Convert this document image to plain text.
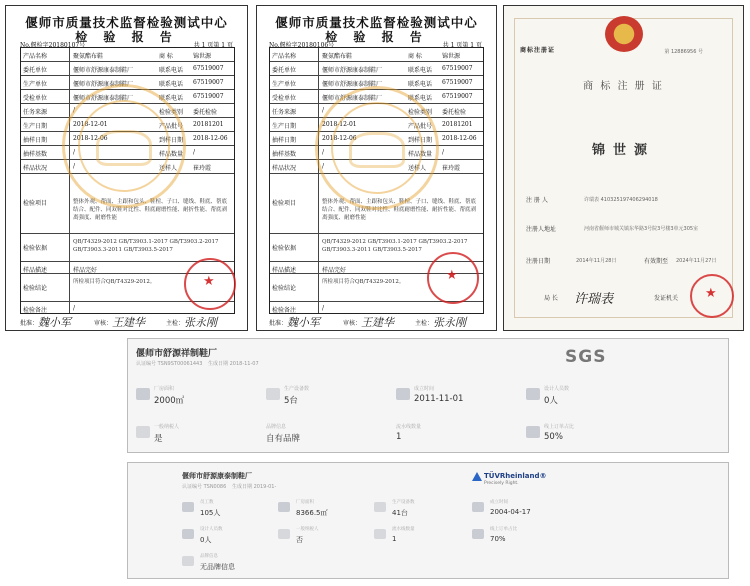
偃师市质量技术监督检验测试中心
检 验 报 告
No.偃检字20180107号	共 1 页第 1 页
产品名称	聚氨酯布鞋	商 标	锦世源
委托单位	偃师市舒源康泰制鞋厂	联系电话 67519007
生产单位	偃师市舒源康泰制鞋厂	联系电话 67519007
受检单位	偃师市舒源康泰制鞋厂	联系电话 67519007
任务来源	/	检验类别 委托检验
生产日期	2018-12-01	产品批号 20181201
抽样日期	2018-12-06	到样日期 2018-12-06
抽样基数	/	样品数量 /
样品状况	/	送样人	崔玲霞
检验项目	整体外观、帮面、主跟和包头、鞋楦、子口、缝线、鞋底、帮底结合、配件、同双鞋对比性、鞋底耐磨性能、耐折性能、帮底剥离强度、耐磨性能
检验依据
QB/T4329-2012 GB/T3903.1-2017 GB/T3903.2-2017 GB/T3903.3-2011 GB/T3903.5-2017
样品描述	样品完好
检验结论
所检项目符合QB/T4329-2012。
检验备注	/
★
批准： 魏小军	审核： 王建华	主检： 张永刚
偃师市质量技术监督检验测试中心
检 验 报 告
No.偃检字20180106号	共 1 页第 1 页
产品名称	聚氨酯布鞋	商 标	锦世源
委托单位	偃师市舒源康泰制鞋厂	联系电话 67519007
生产单位	偃师市舒源康泰制鞋厂	联系电话 67519007
受检单位	偃师市舒源康泰制鞋厂	联系电话 67519007
任务来源	/	检验类别 委托检验
生产日期	2018-12-01	产品批号 20181201
抽样日期	2018-12-06	到样日期 2018-12-06
抽样基数	/	样品数量 /
样品状况	/	送样人	崔玲霞
检验项目	整体外观、帮面、主跟和包头、鞋楦、子口、缝线、鞋底、帮底结合、配件、同双鞋对比性、鞋底耐磨性能、耐折性能、帮底剥离强度、耐磨性能
检验依据
QB/T4329-2012 GB/T3903.1-2017 GB/T3903.2-2017 GB/T3903.3-2011 GB/T3903.5-2017
样品描述	样品完好
检验结论
所检项目符合QB/T4329-2012。
检验备注	/
★
批准： 魏小军	审核： 王建华	主检： 张永刚
商标注册证	第 12886956 号
商 标 注 册 证
锦世源
注 册 人	许瑞表 410325197406294018
注册人地址	河南省偃师市城关镇东华路3号院3号楼3单元305室
注册日期	2014年11月28日	有效期至 2024年11月27日
局 长 许瑞表	发证机关 ★
偃师市舒源祥制鞋厂
认证编号 TSN9ST00061443 生成日期 2018-11-07	SGS
厂房面积
2000㎡
生产设备数
5台
成立时间
2011-11-01
设计人员数
0人
一般纳税人
是
品牌信息
自有品牌
流水线数量
1
线上订单占比
50%
偃师市舒源康泰制鞋厂
认证编号 TSN0086 生成日期 2019-01-
TÜVRheinland®
Precisely Right.
员工数
105人
厂房面积
8366.5㎡
生产设备数
41台
成立时间
2004-04-17
设计人员数
0人
一般纳税人
否
流水线数量
1
线上订单占比
70%
品牌信息
无品牌信息
